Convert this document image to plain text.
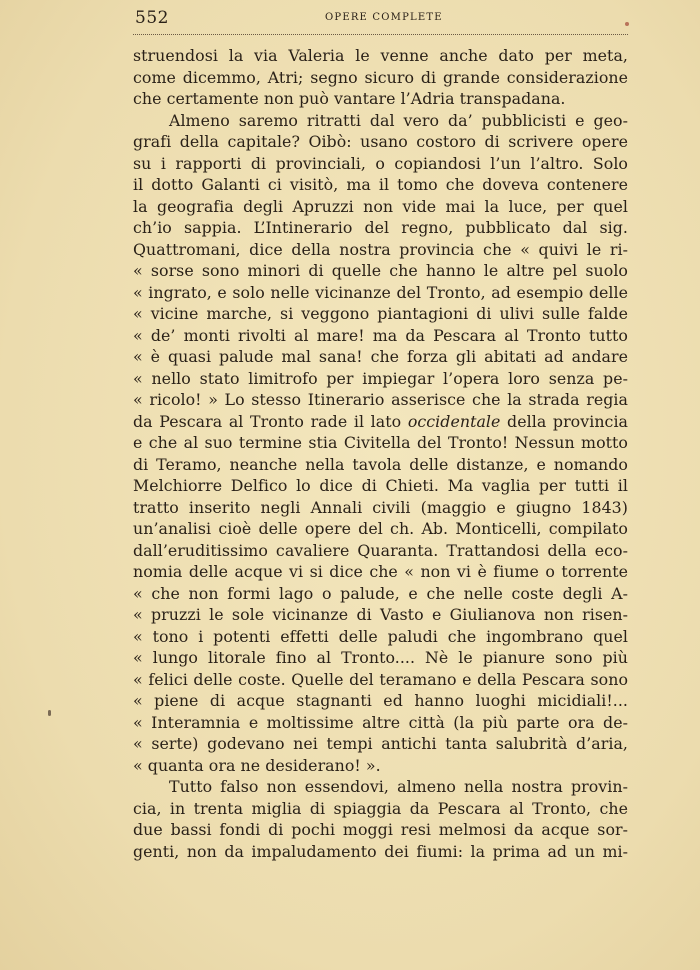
552	OPERE COMPLETE
struendosi la via Valeria le venne anche dato per meta,
come dicemmo, Atri; segno sicuro di grande considerazione
che certamente non può vantare l’Adria transpadana.
Almeno saremo ritratti dal vero da’ pubblicisti e geo-
grafi della capitale? Oibò: usano costoro di scrivere opere
su i rapporti di provinciali, o copiandosi l’un l’altro. Solo
il dotto Galanti ci visitò, ma il tomo che doveva contenere
la geografia degli Apruzzi non vide mai la luce, per quel
ch’io sappia. L’Intinerario del regno, pubblicato dal sig.
Quattromani, dice della nostra provincia che « quivi le ri-
« sorse sono minori di quelle che hanno le altre pel suolo
« ingrato, e solo nelle vicinanze del Tronto, ad esempio delle
« vicine marche, si veggono piantagioni di ulivi sulle falde
« de’ monti rivolti al mare! ma da Pescara al Tronto tutto
« è quasi palude mal sana! che forza gli abitati ad andare
« nello stato limitrofo per impiegar l’opera loro senza pe-
« ricolo! » Lo stesso Itinerario asserisce che la strada regia
da Pescara al Tronto rade il lato occidentale della provincia
e che al suo termine stia Civitella del Tronto! Nessun motto
di Teramo, neanche nella tavola delle distanze, e nomando
Melchiorre Delfico lo dice di Chieti. Ma vaglia per tutti il
tratto inserito negli Annali civili (maggio e giugno 1843)
un’analisi cioè delle opere del ch. Ab. Monticelli, compilato
dall’eruditissimo cavaliere Quaranta. Trattandosi della eco-
nomia delle acque vi si dice che « non vi è fiume o torrente
« che non formi lago o palude, e che nelle coste degli A-
« pruzzi le sole vicinanze di Vasto e Giulianova non risen-
« tono i potenti effetti delle paludi che ingombrano quel
« lungo litorale fino al Tronto.... Nè le pianure sono più
« felici delle coste. Quelle del teramano e della Pescara sono
« piene di acque stagnanti ed hanno luoghi micidiali!...
« Interamnia e moltissime altre città (la più parte ora de-
« serte) godevano nei tempi antichi tanta salubrità d’aria,
« quanta ora ne desiderano! ».
Tutto falso non essendovi, almeno nella nostra provin-
cia, in trenta miglia di spiaggia da Pescara al Tronto, che
due bassi fondi di pochi moggi resi melmosi da acque sor-
genti, non da impaludamento dei fiumi: la prima ad un mi-
